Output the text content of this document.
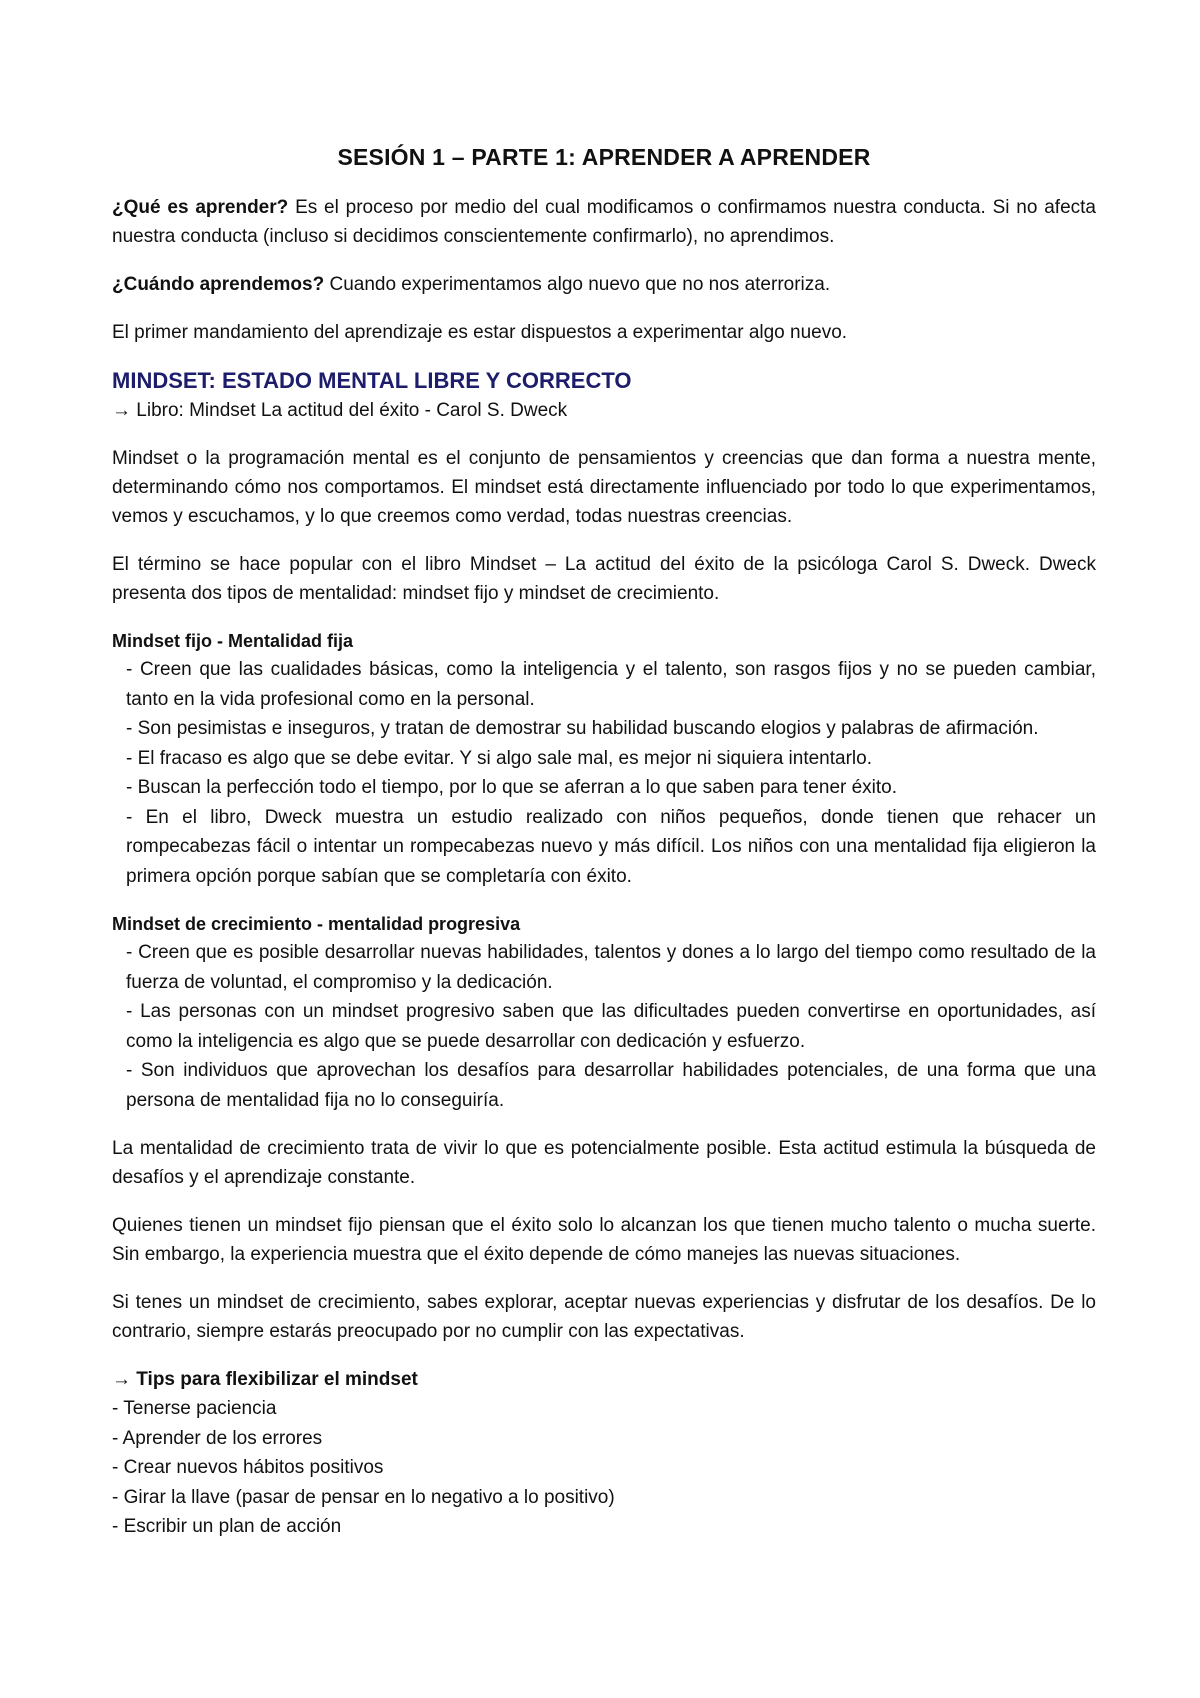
SESIÓN 1 – PARTE 1: APRENDER A APRENDER

¿Qué es aprender? Es el proceso por medio del cual modificamos o confirmamos nuestra conducta. Si no afecta nuestra conducta (incluso si decidimos conscientemente confirmarlo), no aprendimos.

¿Cuándo aprendemos? Cuando experimentamos algo nuevo que no nos aterroriza.

El primer mandamiento del aprendizaje es estar dispuestos a experimentar algo nuevo.

MINDSET: ESTADO MENTAL LIBRE Y CORRECTO

→ Libro: Mindset La actitud del éxito - Carol S. Dweck

Mindset o la programación mental es el conjunto de pensamientos y creencias que dan forma a nuestra mente, determinando cómo nos comportamos. El mindset está directamente influenciado por todo lo que experimentamos, vemos y escuchamos, y lo que creemos como verdad, todas nuestras creencias.

El término se hace popular con el libro Mindset – La actitud del éxito de la psicóloga Carol S. Dweck. Dweck presenta dos tipos de mentalidad: mindset fijo y mindset de crecimiento.

Mindset fijo - Mentalidad fija
- Creen que las cualidades básicas, como la inteligencia y el talento, son rasgos fijos y no se pueden cambiar, tanto en la vida profesional como en la personal.
- Son pesimistas e inseguros, y tratan de demostrar su habilidad buscando elogios y palabras de afirmación.
- El fracaso es algo que se debe evitar. Y si algo sale mal, es mejor ni siquiera intentarlo.
- Buscan la perfección todo el tiempo, por lo que se aferran a lo que saben para tener éxito.
- En el libro, Dweck muestra un estudio realizado con niños pequeños, donde tienen que rehacer un rompecabezas fácil o intentar un rompecabezas nuevo y más difícil. Los niños con una mentalidad fija eligieron la primera opción porque sabían que se completaría con éxito.
Mindset de crecimiento - mentalidad progresiva
- Creen que es posible desarrollar nuevas habilidades, talentos y dones a lo largo del tiempo como resultado de la fuerza de voluntad, el compromiso y la dedicación.
- Las personas con un mindset progresivo saben que las dificultades pueden convertirse en oportunidades, así como la inteligencia es algo que se puede desarrollar con dedicación y esfuerzo.
- Son individuos que aprovechan los desafíos para desarrollar habilidades potenciales, de una forma que una persona de mentalidad fija no lo conseguiría.

La mentalidad de crecimiento trata de vivir lo que es potencialmente posible. Esta actitud estimula la búsqueda de desafíos y el aprendizaje constante.

Quienes tienen un mindset fijo piensan que el éxito solo lo alcanzan los que tienen mucho talento o mucha suerte. Sin embargo, la experiencia muestra que el éxito depende de cómo manejes las nuevas situaciones.

Si tenes un mindset de crecimiento, sabes explorar, aceptar nuevas experiencias y disfrutar de los desafíos. De lo contrario, siempre estarás preocupado por no cumplir con las expectativas.

→ Tips para flexibilizar el mindset
- Tenerse paciencia
- Aprender de los errores
- Crear nuevos hábitos positivos
- Girar la llave (pasar de pensar en lo negativo a lo positivo)
- Escribir un plan de acción
